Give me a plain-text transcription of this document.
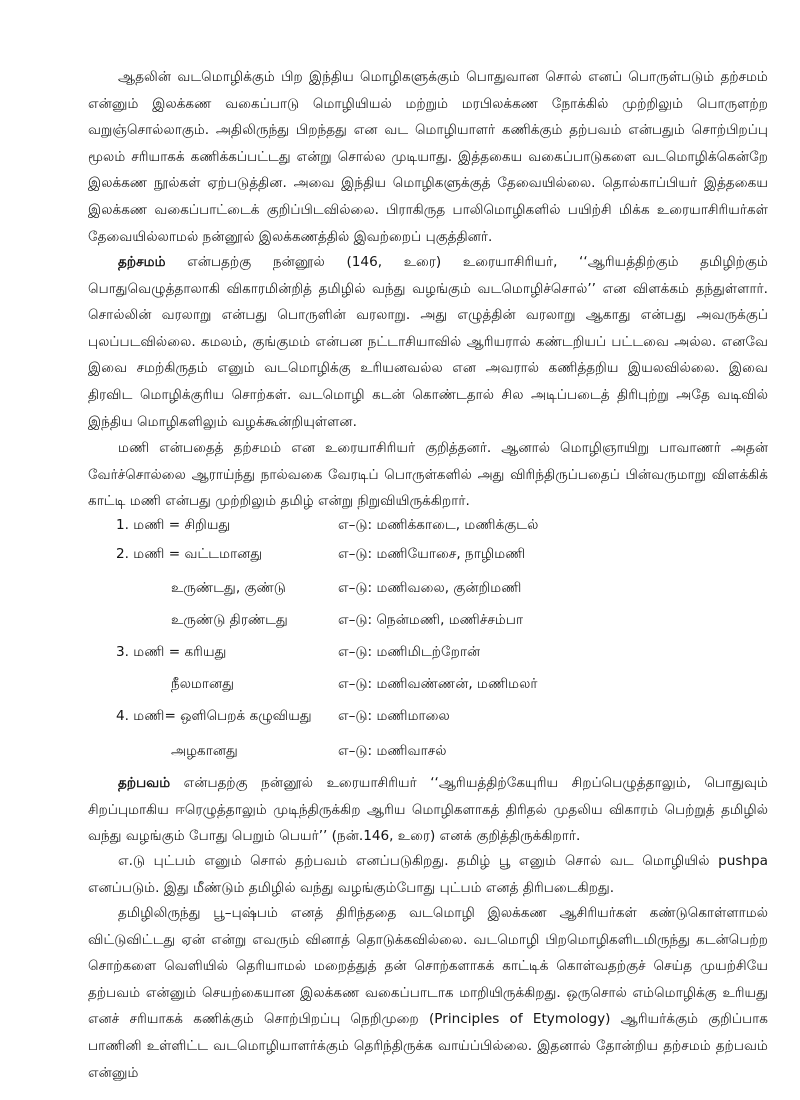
ஆதலின் வடமொழிக்கும் பிற இந்திய மொழிகளுக்கும் பொதுவான சொல் எனப் பொருள்படும் தற்சமம் என்னும் இலக்கண வகைப்பாடு மொழியியல் மற்றும் மரபிலக்கண நோக்கில் முற்றிலும் பொருளற்ற வறுஞ்சொல்லாகும். அதிலிருந்து பிறந்தது என வட மொழியாளர் கணிக்கும் தற்பவம் என்பதும் சொற்பிறப்பு மூலம் சரியாகக் கணிக்கப்பட்டது என்று சொல்ல முடியாது. இத்தகைய வகைப்பாடுகளை வடமொழிக்கென்றே இலக்கண நூல்கள் ஏற்படுத்தின. அவை இந்திய மொழிகளுக்குத் தேவையில்லை. தொல்காப்பியர் இத்தகைய இலக்கண வகைப்பாட்டைக் குறிப்பிடவில்லை. பிராகிருத பாலிமொழிகளில் பயிற்சி மிக்க உரையாசிரியர்கள் தேவையில்லாமல் நன்னூல் இலக்கணத்தில் இவற்றைப் புகுத்தினர்.

தற்சமம் என்பதற்கு நன்னூல் (146, உரை) உரையாசிரியர், ‘‘ஆரியத்திற்கும் தமிழிற்கும் பொதுவெழுத்தாலாகி விகாரமின்றித் தமிழில் வந்து வழங்கும் வடமொழிச்சொல்’’ என விளக்கம் தந்துள்ளார். சொல்லின் வரலாறு என்பது பொருளின் வரலாறு. அது எழுத்தின் வரலாறு ஆகாது என்பது அவருக்குப் புலப்படவில்லை. கமலம், குங்குமம் என்பன நட்டாசியாவில் ஆரியரால் கண்டறியப் பட்டவை அல்ல. எனவே இவை சமற்கிருதம் எனும் வடமொழிக்கு உரியனவல்ல என அவரால் கணித்தறிய இயலவில்லை. இவை திரவிட மொழிக்குரிய சொற்கள். வடமொழி கடன் கொண்டதால் சில அடிப்படைத் திரிபுற்று அதே வடிவில் இந்திய மொழிகளிலும் வழக்கூன்றியுள்ளன.

மணி என்பதைத் தற்சமம் என உரையாசிரியர் குறித்தனர். ஆனால் மொழிஞாயிறு பாவாணர் அதன் வேர்ச்சொல்லை ஆராய்ந்து நால்வகை வேரடிப் பொருள்களில் அது விரிந்திருப்பதைப் பின்வருமாறு விளக்கிக் காட்டி மணி என்பது முற்றிலும் தமிழ் என்று நிறுவியிருக்கிறார்.

1. மணி = சிறியது	எ–டு: மணிக்காடை, மணிக்குடல்
2. மணி = வட்டமானது	எ–டு: மணியோசை, நாழிமணி
உருண்டது, குண்டு	எ–டு: மணிவலை, குன்றிமணி
உருண்டு திரண்டது	எ–டு: நென்மணி, மணிச்சம்பா
3. மணி = கரியது	எ–டு: மணிமிடற்றோன்
நீலமானது	எ–டு: மணிவண்ணன், மணிமலர்
4. மணி= ஒளிபெறக் கழுவியது எ–டு: மணிமாலை
அழகானது	எ–டு: மணிவாசல்

தற்பவம் என்பதற்கு நன்னூல் உரையாசிரியர் ‘‘ஆரியத்திற்கேயுரிய சிறப்பெழுத்தாலும், பொதுவும் சிறப்புமாகிய ஈரெழுத்தாலும் முடிந்திருக்கிற ஆரிய மொழிகளாகத் திரிதல் முதலிய விகாரம் பெற்றுத் தமிழில் வந்து வழங்கும் போது பெறும் பெயர்’’ (நன்.146, உரை) எனக் குறித்திருக்கிறார்.

எ.டு புட்பம் எனும் சொல் தற்பவம் எனப்படுகிறது. தமிழ் பூ எனும் சொல் வட மொழியில் pushpa எனப்படும். இது மீண்டும் தமிழில் வந்து வழங்கும்போது புட்பம் எனத் திரிபடைகிறது.

தமிழிலிருந்து பூ–புஷ்பம் எனத் திரிந்ததை வடமொழி இலக்கண ஆசிரியர்கள் கண்டுகொள்ளாமல் விட்டுவிட்டது ஏன் என்று எவரும் வினாத் தொடுக்கவில்லை. வடமொழி பிறமொழிகளிடமிருந்து கடன்பெற்ற சொற்களை வெளியில் தெரியாமல் மறைத்துத் தன் சொற்களாகக் காட்டிக் கொள்வதற்குச் செய்த முயற்சியே தற்பவம் என்னும் செயற்கையான இலக்கண வகைப்பாடாக மாறியிருக்கிறது. ஒருசொல் எம்மொழிக்கு உரியது எனச் சரியாகக் கணிக்கும் சொற்பிறப்பு நெறிமுறை (Principles of Etymology) ஆரியர்க்கும் குறிப்பாக பாணினி உள்ளிட்ட வடமொழியாளர்க்கும் தெரிந்திருக்க வாய்ப்பில்லை. இதனால் தோன்றிய தற்சமம் தற்பவம் என்னும்
